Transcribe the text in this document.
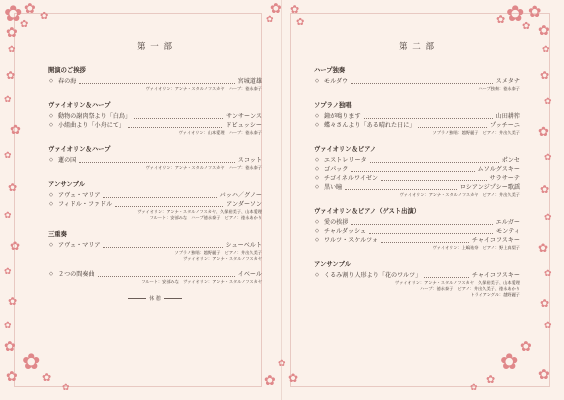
✿ ✿ ✿
✿
✿
✿
✿ ✿
✿
✿
✿
✿
✿
✿
✿
✿
✿
✿
✿
✿
✿
✿
✿
✿
✿
✿
✿
✿
✿
✿
✿
✿
✿
✿
✿ ✿
✿
✿
✿ ✿
✿
✿
✿ ✿
✿ ✿
✿ ✿
✿
第 一 部
開演のご挨拶
◇ 春の海	宮城道雄
ヴァイオリン：アンナ・スタルノフスカヤ　ハープ：徳永泰子
ヴァイオリン＆ハープ
◇ 動物の謝肉祭より「白鳥」	サンサーンス
◇ 小組曲より「小舟にて」	ドビュッシー
ヴァイオリン：山本愛理　ハープ：徳永泰子
ヴァイオリン＆ハープ
◇ 蓮の国	スコット
ヴァイオリン：アンナ・スタルノフスカヤ　ハープ：徳永泰子
アンサンブル
◇ アヴェ・マリア	バッハ／グノー
◇ フィドル・ファドル	アンダーソン
ヴァイオリン：アンナ・スタルノフスカヤ、久保裕美子、山本愛理
フルート：安部みな　ハープ徳永泰子　ピアノ：徳永あかり
三重奏
◇ アヴェ・マリア	シューベルト
ソプラノ独唱：越野麗子　ピアノ：井出久美子
ヴァイオリン：アンナ・スタルノフスカヤ
◇ ２つの間奏曲	イベール
フルート：安部みな　ヴァイオリン：アンナ・スタルノフスカヤ
休 憩
第 二 部
ハープ独奏
◇ モルダウ	スメタナ
ハープ独奏：徳永泰子
ソプラノ独唱
◇ 鐘が鳴ります	山田耕筰
◇ 蝶々さんより「ある晴れた日に」	プッチーニ
ソプラノ独唱：越野麗子　ピアノ：井出久美子
ヴァイオリン＆ピアノ
◇ エストレリータ	ポンセ
◇ ゴパック	ムソルグスキー
◇ チゴイネルワイゼン	サラサーテ
◇ 黒い瞳	ロシアンジプシー歌謡
ヴァイオリン：アンナ・スタルノフスカヤ　ピアノ：井出久美子
ヴァイオリン＆ピアノ（ゲスト出演）
◇ 愛の挨拶	エルガー
◇ チャルダッシュ	モンティ
◇ ワルツ・スケルツォ	チャイコフスキー
ヴァイオリン：上嶋祐奈　ピアノ：野上真梨子
アンサンブル
◇ くるみ割り人形より「花のワルツ」	チャイコフスキー
ヴァイオリン：アンナ・スタルノフスカヤ　久保裕美子、山本愛理
ハープ：徳永泰子　ピアノ：井出久美子、徳永あかり
トライアングル：越野麗子
